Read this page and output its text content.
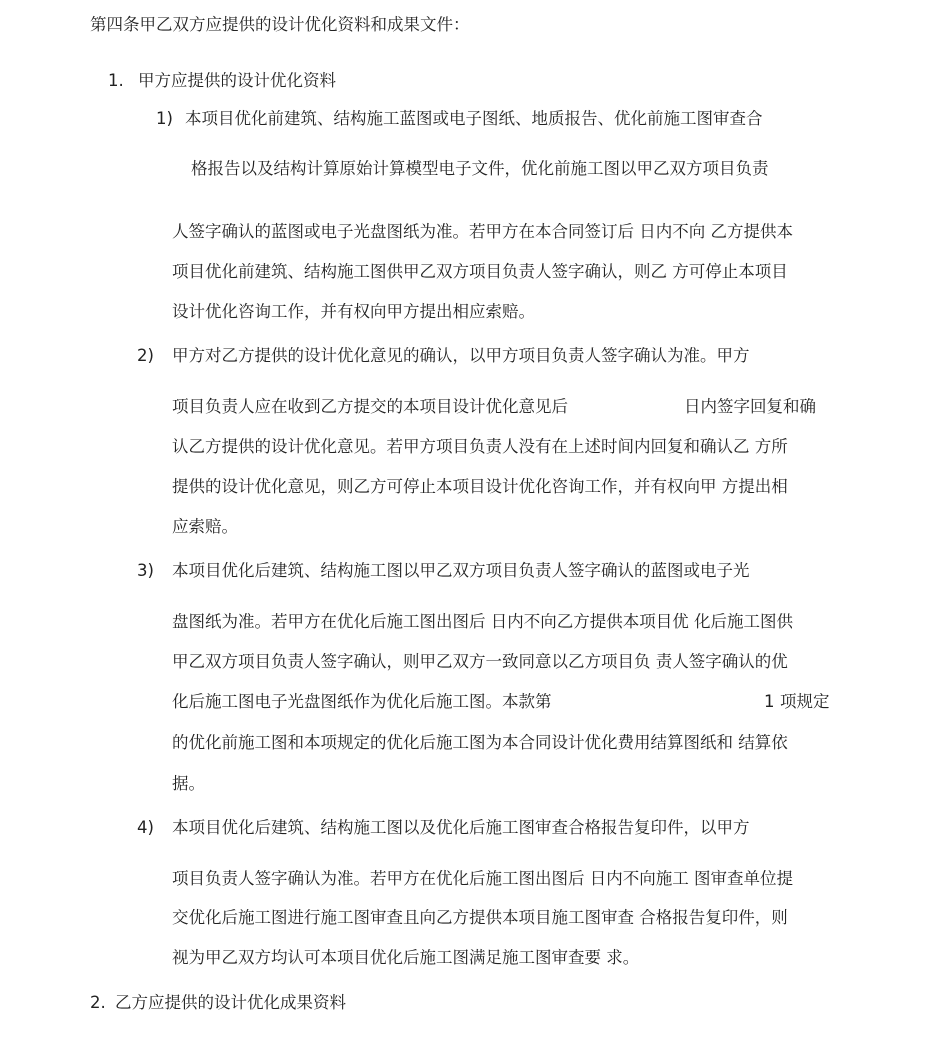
第四条甲乙双方应提供的设计优化资料和成果文件：
1. 甲方应提供的设计优化资料
1) 本项目优化前建筑、结构施工蓝图或电子图纸、地质报告、优化前施工图审查合
格报告以及结构计算原始计算模型电子文件，优化前施工图以甲乙双方项目负责
人签字确认的蓝图或电子光盘图纸为准。若甲方在本合同签订后 日内不向 乙方提供本
项目优化前建筑、结构施工图供甲乙双方项目负责人签字确认，则乙 方可停止本项目
设计优化咨询工作，并有权向甲方提出相应索赔。
2) 甲方对乙方提供的设计优化意见的确认，以甲方项目负责人签字确认为准。甲方
项目负责人应在收到乙方提交的本项目设计优化意见后	日内签字回复和确
认乙方提供的设计优化意见。若甲方项目负责人没有在上述时间内回复和确认乙 方所
提供的设计优化意见，则乙方可停止本项目设计优化咨询工作，并有权向甲 方提出相
应索赔。
3) 本项目优化后建筑、结构施工图以甲乙双方项目负责人签字确认的蓝图或电子光
盘图纸为准。若甲方在优化后施工图出图后 日内不向乙方提供本项目优 化后施工图供
甲乙双方项目负责人签字确认，则甲乙双方一致同意以乙方项目负 责人签字确认的优
化后施工图电子光盘图纸作为优化后施工图。本款第	1 项规定
的优化前施工图和本项规定的优化后施工图为本合同设计优化费用结算图纸和 结算依
据。
4) 本项目优化后建筑、结构施工图以及优化后施工图审查合格报告复印件，以甲方
项目负责人签字确认为准。若甲方在优化后施工图出图后 日内不向施工 图审查单位提
交优化后施工图进行施工图审查且向乙方提供本项目施工图审查 合格报告复印件，则
视为甲乙双方均认可本项目优化后施工图满足施工图审查要 求。
2. 乙方应提供的设计优化成果资料
